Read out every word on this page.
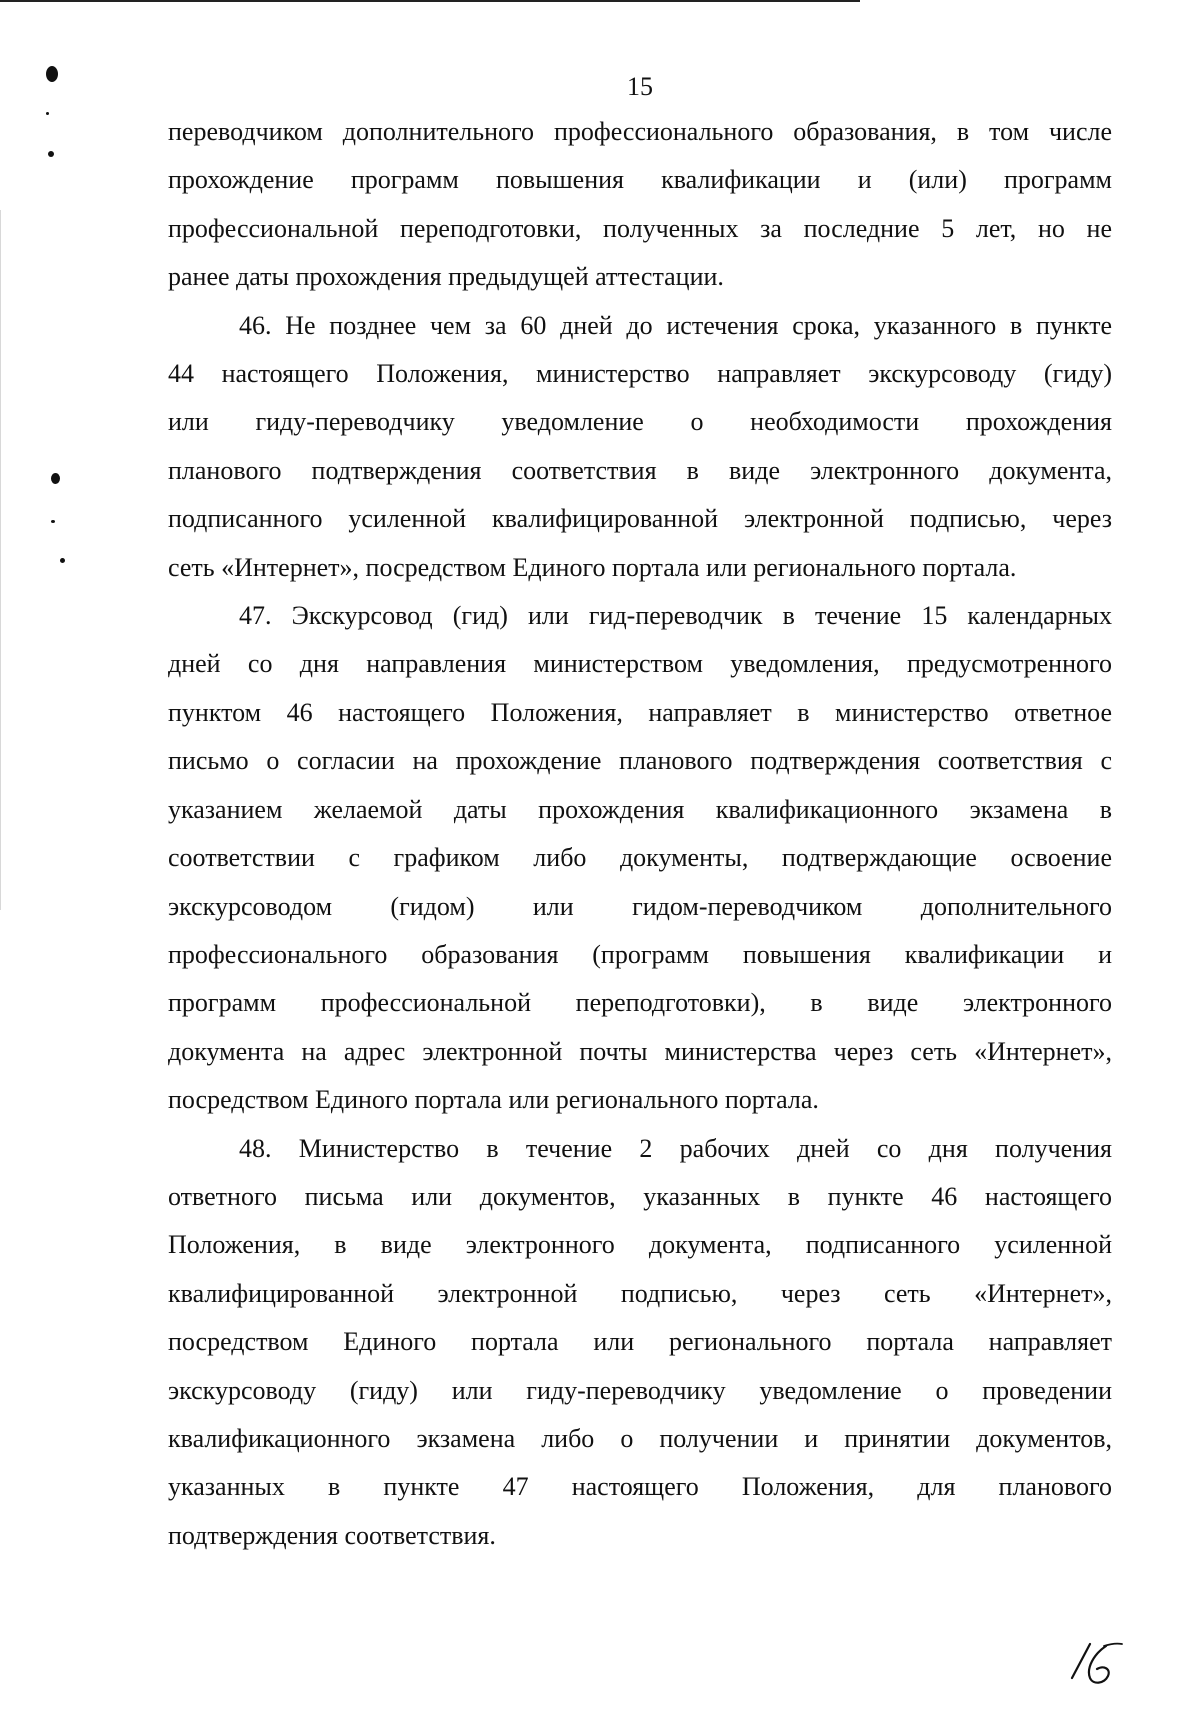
15

переводчиком дополнительного профессионального образования, в том числе

прохождение программ повышения квалификации и (или) программ

профессиональной переподготовки, полученных за последние 5 лет, но не

ранее даты прохождения предыдущей аттестации.

46. Не позднее чем за 60 дней до истечения срока, указанного в пункте

44 настоящего Положения, министерство направляет экскурсоводу (гиду)

или гиду-переводчику уведомление о необходимости прохождения

планового подтверждения соответствия в виде электронного документа,

подписанного усиленной квалифицированной электронной подписью, через

сеть «Интернет», посредством Единого портала или регионального портала.

47. Экскурсовод (гид) или гид-переводчик в течение 15 календарных

дней со дня направления министерством уведомления, предусмотренного

пунктом 46 настоящего Положения, направляет в министерство ответное

письмо о согласии на прохождение планового подтверждения соответствия с

указанием желаемой даты прохождения квалификационного экзамена в

соответствии с графиком либо документы, подтверждающие освоение

экскурсоводом (гидом) или гидом-переводчиком дополнительного

профессионального образования (программ повышения квалификации и

программ профессиональной переподготовки), в виде электронного

документа на адрес электронной почты министерства через сеть «Интернет»,

посредством Единого портала или регионального портала.

48. Министерство в течение 2 рабочих дней со дня получения

ответного письма или документов, указанных в пункте 46 настоящего

Положения, в виде электронного документа, подписанного усиленной

квалифицированной электронной подписью, через сеть «Интернет»,

посредством Единого портала или регионального портала направляет

экскурсоводу (гиду) или гиду-переводчику уведомление о проведении

квалификационного экзамена либо о получении и принятии документов,

указанных в пункте 47 настоящего Положения, для планового

подтверждения соответствия.
